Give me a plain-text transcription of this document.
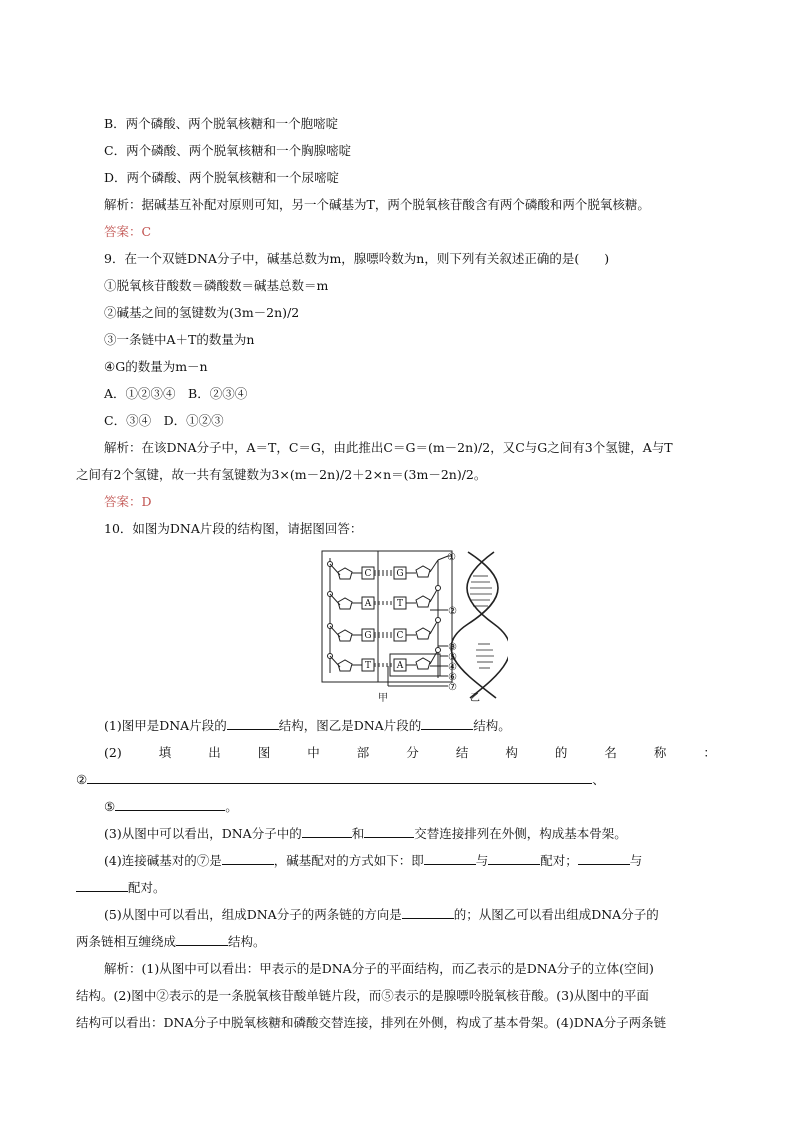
B．两个磷酸、两个脱氧核糖和一个胞嘧啶
C．两个磷酸、两个脱氧核糖和一个胸腺嘧啶
D．两个磷酸、两个脱氧核糖和一个尿嘧啶
解析：据碱基互补配对原则可知，另一个碱基为T，两个脱氧核苷酸含有两个磷酸和两个脱氧核糖。
答案：C
9．在一个双链DNA分子中，碱基总数为m，腺嘌呤数为n，则下列有关叙述正确的是(　　)
①脱氧核苷酸数＝磷酸数＝碱基总数＝m
②碱基之间的氢键数为(3m－2n)/2
③一条链中A＋T的数量为n
④G的数量为m－n
A．①②③④　B．②③④
C．③④　D．①②③
解析：在该DNA分子中，A＝T，C＝G，由此推出C＝G＝(m－2n)/2，又C与G之间有3个氢键，A与T
之间有2个氢键，故一共有氢键数为3×(m－2n)/2＋2×n＝(3m－2n)/2。
答案：D
10．如图为DNA片段的结构图，请据图回答：
C
A
G
T
G
T
C
A
①
②
③
⑤
④
⑥
⑦
甲	乙
(1)图甲是DNA片段的	结构，图乙是DNA片段的	结构。
(2)	填	出	图	中	部	分	结	构	的	名	称	：
②	、
⑤	。
(3)从图中可以看出，DNA分子中的	和	交替连接排列在外侧，构成基本骨架。
(4)连接碱基对的⑦是	，碱基配对的方式如下：即	与	配对；	与
配对。
(5)从图中可以看出，组成DNA分子的两条链的方向是	的；从图乙可以看出组成DNA分子的
两条链相互缠绕成	结构。
解析：(1)从图中可以看出：甲表示的是DNA分子的平面结构，而乙表示的是DNA分子的立体(空间)
结构。(2)图中②表示的是一条脱氧核苷酸单链片段，而⑤表示的是腺嘌呤脱氧核苷酸。(3)从图中的平面
结构可以看出：DNA分子中脱氧核糖和磷酸交替连接，排列在外侧，构成了基本骨架。(4)DNA分子两条链
